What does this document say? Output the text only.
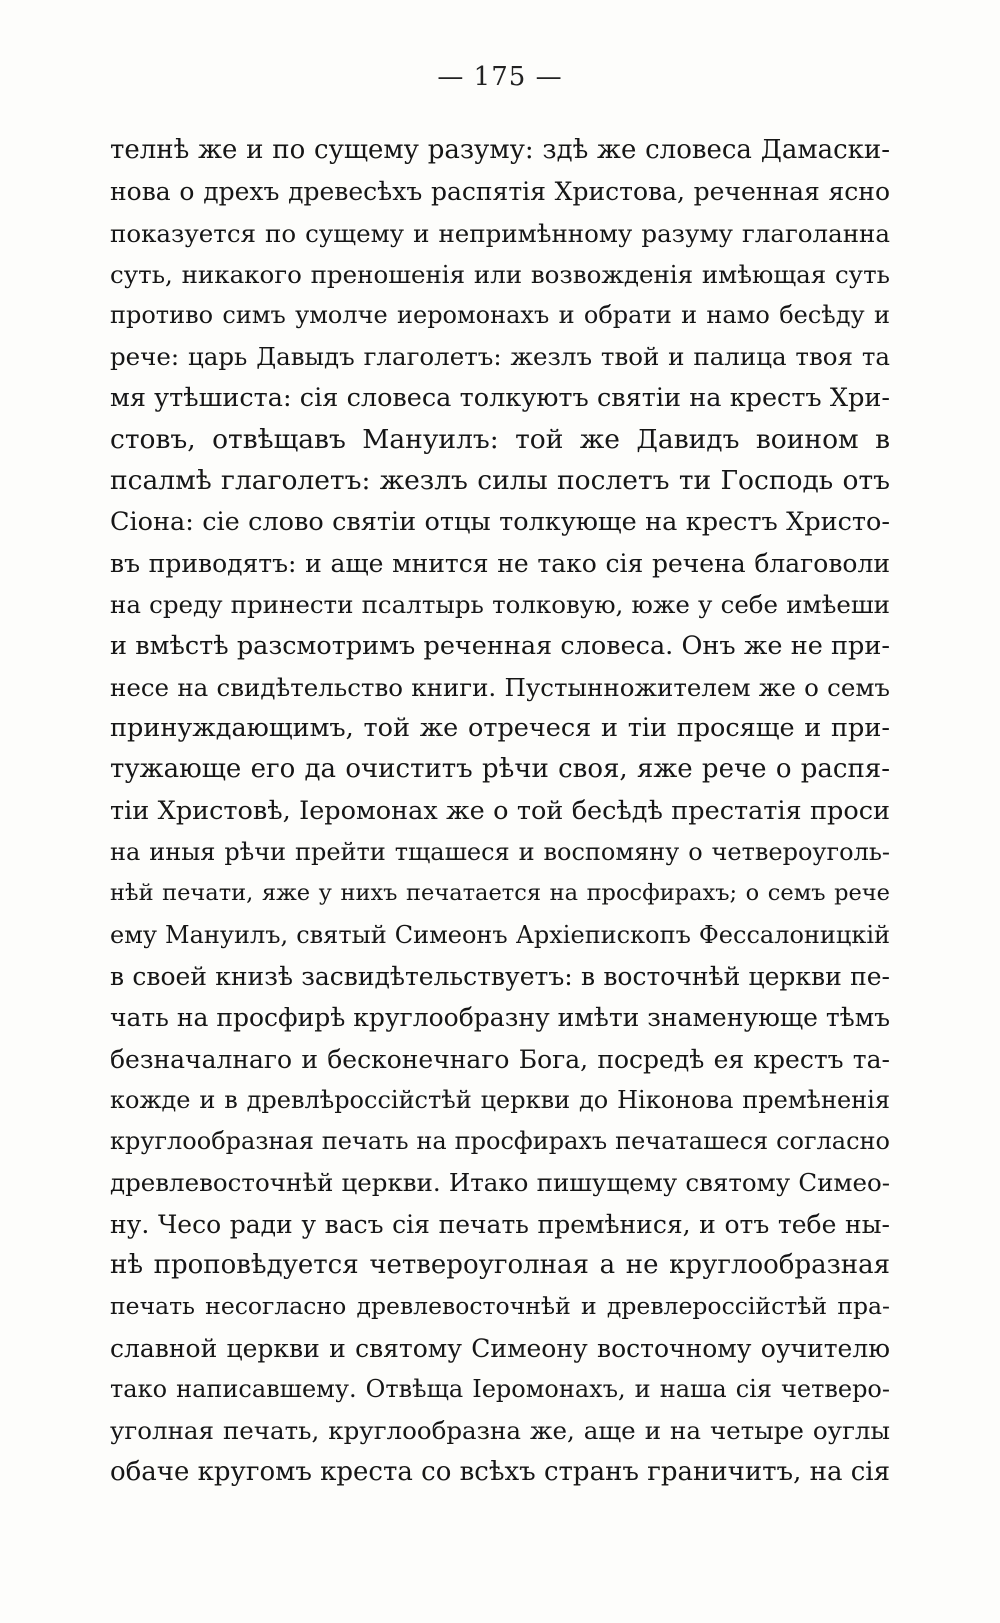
— 175 —
телнѣ же и по сущему разуму: здѣ же словеса Дамаски-
нова о дрехъ древесѣхъ распятія Христова, реченная ясно
показуется по сущему и непримѣнному разуму глаголанна
суть, никакого преношенія или возвожденія имѣющая суть
противо симъ умолче иеромонахъ и обрати и намо бесѣду и
рече: царь Давыдъ глаголетъ: жезлъ твой и палица твоя та
мя утѣшиста: сія словеса толкуютъ святіи на крестъ Хри-
стовъ, отвѣщавъ Мануилъ: той же Давидъ воином в
псалмѣ глаголетъ: жезлъ силы послетъ ти Господь отъ
Сіона: сіе слово святіи отцы толкующе на крестъ Христо-
въ приводятъ: и аще мнится не тако сія речена благоволи
на среду принести псалтырь толковую, юже у себе имѣеши
и вмѣстѣ разсмотримъ реченная словеса. Онъ же не при-
несе на свидѣтельство книги. Пустынножителем же о семъ
принуждающимъ, той же отречеся и тіи просяще и при-
тужающе его да очиститъ рѣчи своя, яже рече о распя-
тіи Христовѣ, Іеромонах же о той бесѣдѣ престатія проси
на иныя рѣчи прейти тщашеся и воспомяну о четвероуголь-
нѣй печати, яже у нихъ печатается на просфирахъ; о семъ рече
ему Мануилъ, святый Симеонъ Архіепископъ Фессалоницкій
в своей книзѣ засвидѣтельствуетъ: в восточнѣй церкви пе-
чать на просфирѣ круглообразну имѣти знаменующе тѣмъ
безначалнаго и бесконечнаго Бога, посредѣ ея крестъ та-
кожде и в древлѣроссійстѣй церкви до Ніконова премѣненія
круглообразная печать на просфирахъ печаташеся согласно
древлевосточнѣй церкви. Итако пишущему святому Симео-
ну. Чесо ради у васъ сія печать премѣнися, и отъ тебе ны-
нѣ проповѣдуется четвероуголная а не круглообразная
печать несогласно древлевосточнѣй и древлероссійстѣй пра-
славной церкви и святому Симеону восточному оучителю
тако написавшему. Отвѣща Іеромонахъ, и наша сія четверо-
уголная печать, круглообразна же, аще и на четыре оуглы
обаче кругомъ креста со всѣхъ странъ граничитъ, на сія
